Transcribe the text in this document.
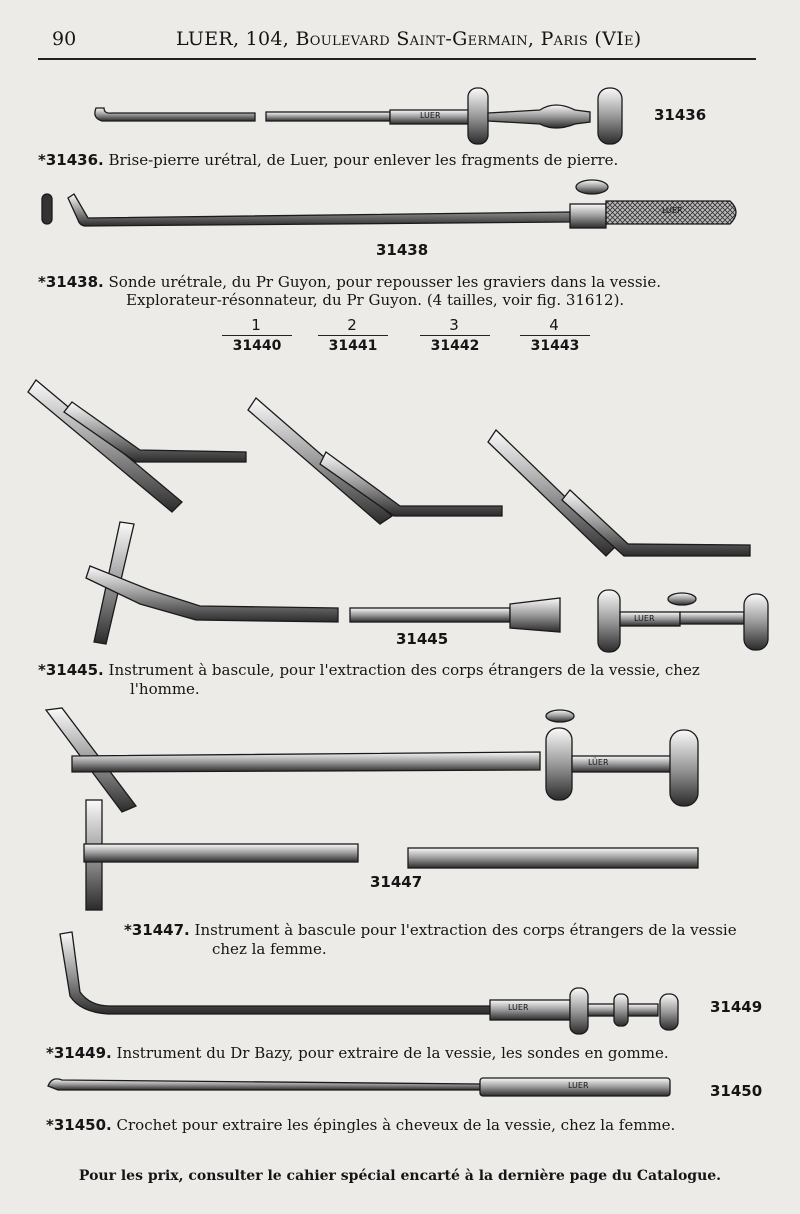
90	LUER, 104, Boulevard Saint-Germain, Paris (VIe)
LUER	31436
*31436. Brise-pierre urétral, de Luer, pour enlever les fragments de pierre.
LUER
31438
*31438. Sonde urétrale, du Pr Guyon, pour repousser les graviers dans la vessie.
Explorateur-résonnateur, du Pr Guyon. (4 tailles, voir fig. 31612).
1	2	3	4
31440	31441	31442	31443
LUER
31445
*31445. Instrument à bascule, pour l'extraction des corps étrangers de la vessie, chez
l'homme.
LÜER
31447
*31447. Instrument à bascule pour l'extraction des corps étrangers de la vessie
chez la femme.
LUER	31449
*31449. Instrument du Dr Bazy, pour extraire de la vessie, les sondes en gomme.
LUER	31450
*31450. Crochet pour extraire les épingles à cheveux de la vessie, chez la femme.
Pour les prix, consulter le cahier spécial encarté à la dernière page du Catalogue.
